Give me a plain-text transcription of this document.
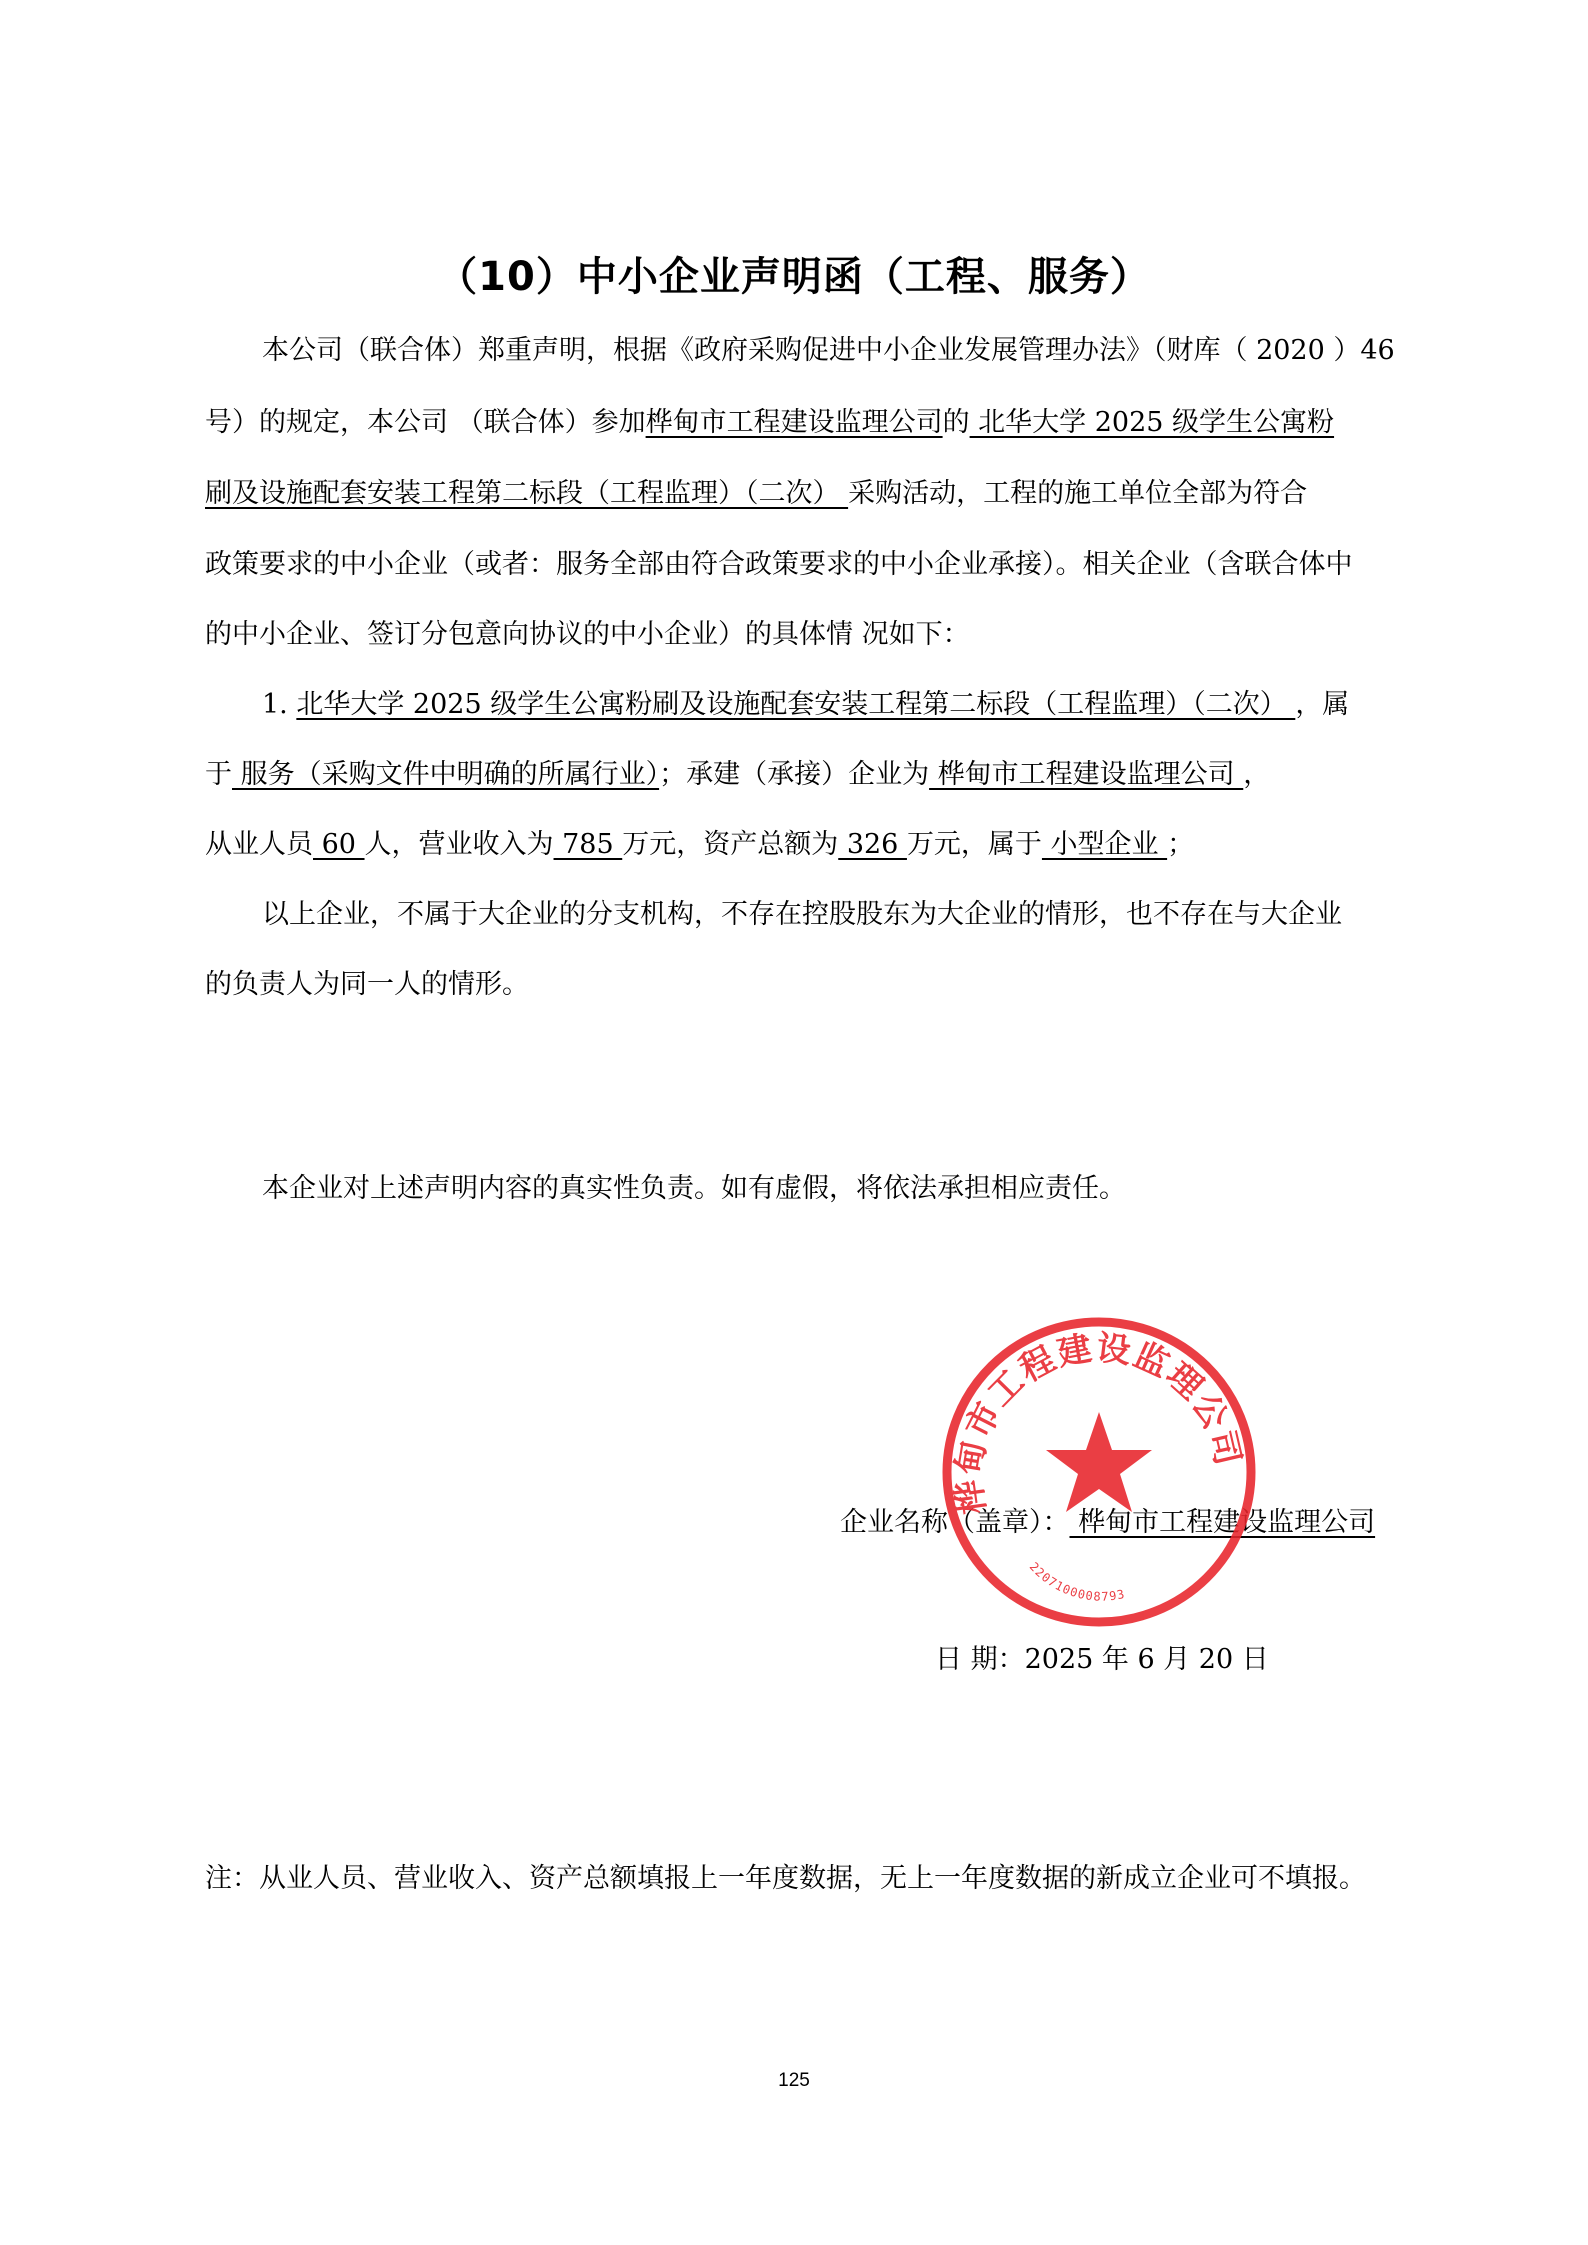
（10）中小企业声明函（工程、服务）
本公司（联合体）郑重声明，根据《政府采购促进中小企业发展管理办法》（财库（ 2020 ）46
号）的规定，本公司 （联合体）参加桦甸市工程建设监理公司的 北华大学 2025 级学生公寓粉
刷及设施配套安装工程第二标段（工程监理）（二次） 采购活动，工程的施工单位全部为符合
政策要求的中小企业（或者：服务全部由符合政策要求的中小企业承接）。相关企业（含联合体中
的中小企业、签订分包意向协议的中小企业）的具体情 况如下：
1. 北华大学 2025 级学生公寓粉刷及设施配套安装工程第二标段（工程监理）（二次） ，属
于 服务（采购文件中明确的所属行业）；承建（承接）企业为 桦甸市工程建设监理公司 ，
从业人员 60 人，营业收入为 785 万元，资产总额为 326 万元，属于 小型企业 ；
以上企业，不属于大企业的分支机构，不存在控股股东为大企业的情形，也不存在与大企业
的负责人为同一人的情形。
本企业对上述声明内容的真实性负责。如有虚假，将依法承担相应责任。
企业名称（盖章）： 桦甸市工程建设监理公司
桦甸市工程建设监理公司
2207100008793
日 期：2025 年 6 月 20 日
注：从业人员、营业收入、资产总额填报上一年度数据，无上一年度数据的新成立企业可不填报。
125
